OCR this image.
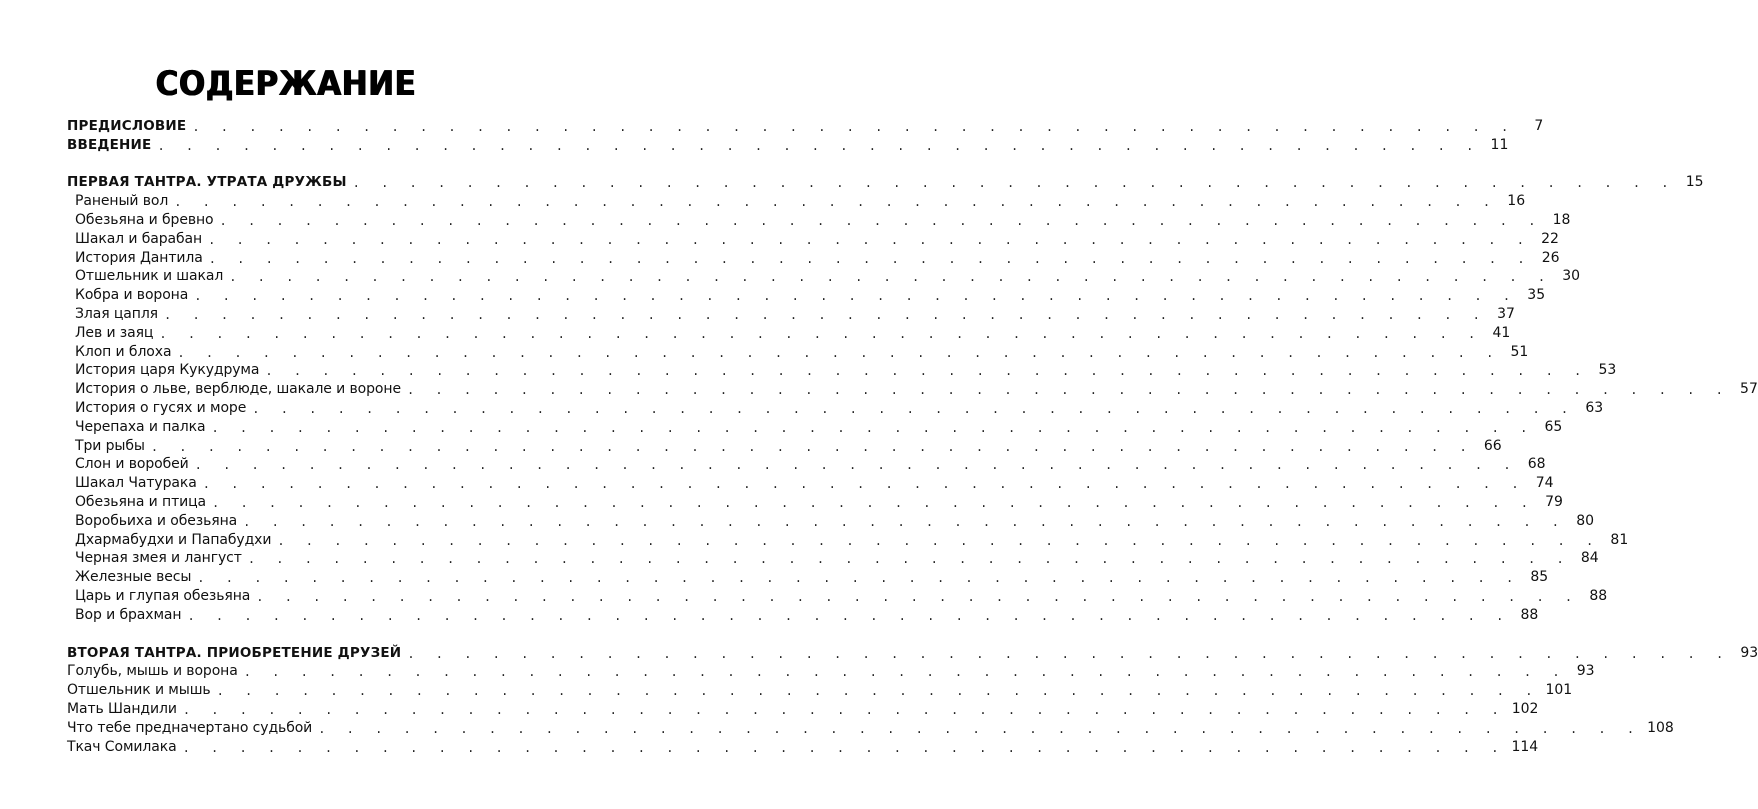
СОДЕРЖАНИЕ
ПРЕДИСЛОВИЕ . . . . . . . . . . . . . . . . . . . . . . . . . . . . . . . . . . . . . . . . . . . . . . .	7
ВВЕДЕНИЕ . . . . . . . . . . . . . . . . . . . . . . . . . . . . . . . . . . . . . . . . . . . . . . . 11
ПЕРВАЯ ТАНТРА. УТРАТА ДРУЖБЫ . . . . . . . . . . . . . . . . . . . . . . . . . . . . . . . . . . . . . . . . . . . . . . . 15
Раненый вол . . . . . . . . . . . . . . . . . . . . . . . . . . . . . . . . . . . . . . . . . . . . . . . 16
Обезьяна и бревно . . . . . . . . . . . . . . . . . . . . . . . . . . . . . . . . . . . . . . . . . . . . . . . 18
Шакал и барабан . . . . . . . . . . . . . . . . . . . . . . . . . . . . . . . . . . . . . . . . . . . . . . . 22
История Дантила . . . . . . . . . . . . . . . . . . . . . . . . . . . . . . . . . . . . . . . . . . . . . . . 26
Отшельник и шакал . . . . . . . . . . . . . . . . . . . . . . . . . . . . . . . . . . . . . . . . . . . . . . . 30
Кобра и ворона . . . . . . . . . . . . . . . . . . . . . . . . . . . . . . . . . . . . . . . . . . . . . . . 35
Злая цапля . . . . . . . . . . . . . . . . . . . . . . . . . . . . . . . . . . . . . . . . . . . . . . . 37
Лев и заяц . . . . . . . . . . . . . . . . . . . . . . . . . . . . . . . . . . . . . . . . . . . . . . . 41
Клоп и блоха . . . . . . . . . . . . . . . . . . . . . . . . . . . . . . . . . . . . . . . . . . . . . . . 51
История царя Кукудрума . . . . . . . . . . . . . . . . . . . . . . . . . . . . . . . . . . . . . . . . . . . . . . . 53
История о льве, верблюде, шакале и вороне . . . . . . . . . . . . . . . . . . . . . . . . . . . . . . . . . . . . . . . . . . . . . . . 57
История о гусях и море . . . . . . . . . . . . . . . . . . . . . . . . . . . . . . . . . . . . . . . . . . . . . . . 63
Черепаха и палка . . . . . . . . . . . . . . . . . . . . . . . . . . . . . . . . . . . . . . . . . . . . . . . 65
Три рыбы . . . . . . . . . . . . . . . . . . . . . . . . . . . . . . . . . . . . . . . . . . . . . . . 66
Слон и воробей . . . . . . . . . . . . . . . . . . . . . . . . . . . . . . . . . . . . . . . . . . . . . . . 68
Шакал Чатурака . . . . . . . . . . . . . . . . . . . . . . . . . . . . . . . . . . . . . . . . . . . . . . . 74
Обезьяна и птица . . . . . . . . . . . . . . . . . . . . . . . . . . . . . . . . . . . . . . . . . . . . . . . 79
Воробьиха и обезьяна . . . . . . . . . . . . . . . . . . . . . . . . . . . . . . . . . . . . . . . . . . . . . . . 80
Дхармабудхи и Папабудхи . . . . . . . . . . . . . . . . . . . . . . . . . . . . . . . . . . . . . . . . . . . . . . . 81
Черная змея и лангуст . . . . . . . . . . . . . . . . . . . . . . . . . . . . . . . . . . . . . . . . . . . . . . . 84
Железные весы . . . . . . . . . . . . . . . . . . . . . . . . . . . . . . . . . . . . . . . . . . . . . . . 85
Царь и глупая обезьяна . . . . . . . . . . . . . . . . . . . . . . . . . . . . . . . . . . . . . . . . . . . . . . . 88
Вор и брахман . . . . . . . . . . . . . . . . . . . . . . . . . . . . . . . . . . . . . . . . . . . . . . . 88
ВТОРАЯ ТАНТРА. ПРИОБРЕТЕНИЕ ДРУЗЕЙ . . . . . . . . . . . . . . . . . . . . . . . . . . . . . . . . . . . . . . . . . . . . . . . 93
Голубь, мышь и ворона . . . . . . . . . . . . . . . . . . . . . . . . . . . . . . . . . . . . . . . . . . . . . . . 93
Отшельник и мышь . . . . . . . . . . . . . . . . . . . . . . . . . . . . . . . . . . . . . . . . . . . . . . . 101
Мать Шандили . . . . . . . . . . . . . . . . . . . . . . . . . . . . . . . . . . . . . . . . . . . . . . . 102
Что тебе предначертано судьбой . . . . . . . . . . . . . . . . . . . . . . . . . . . . . . . . . . . . . . . . . . . . . . . 108
Ткач Сомилака . . . . . . . . . . . . . . . . . . . . . . . . . . . . . . . . . . . . . . . . . . . . . . . 114
